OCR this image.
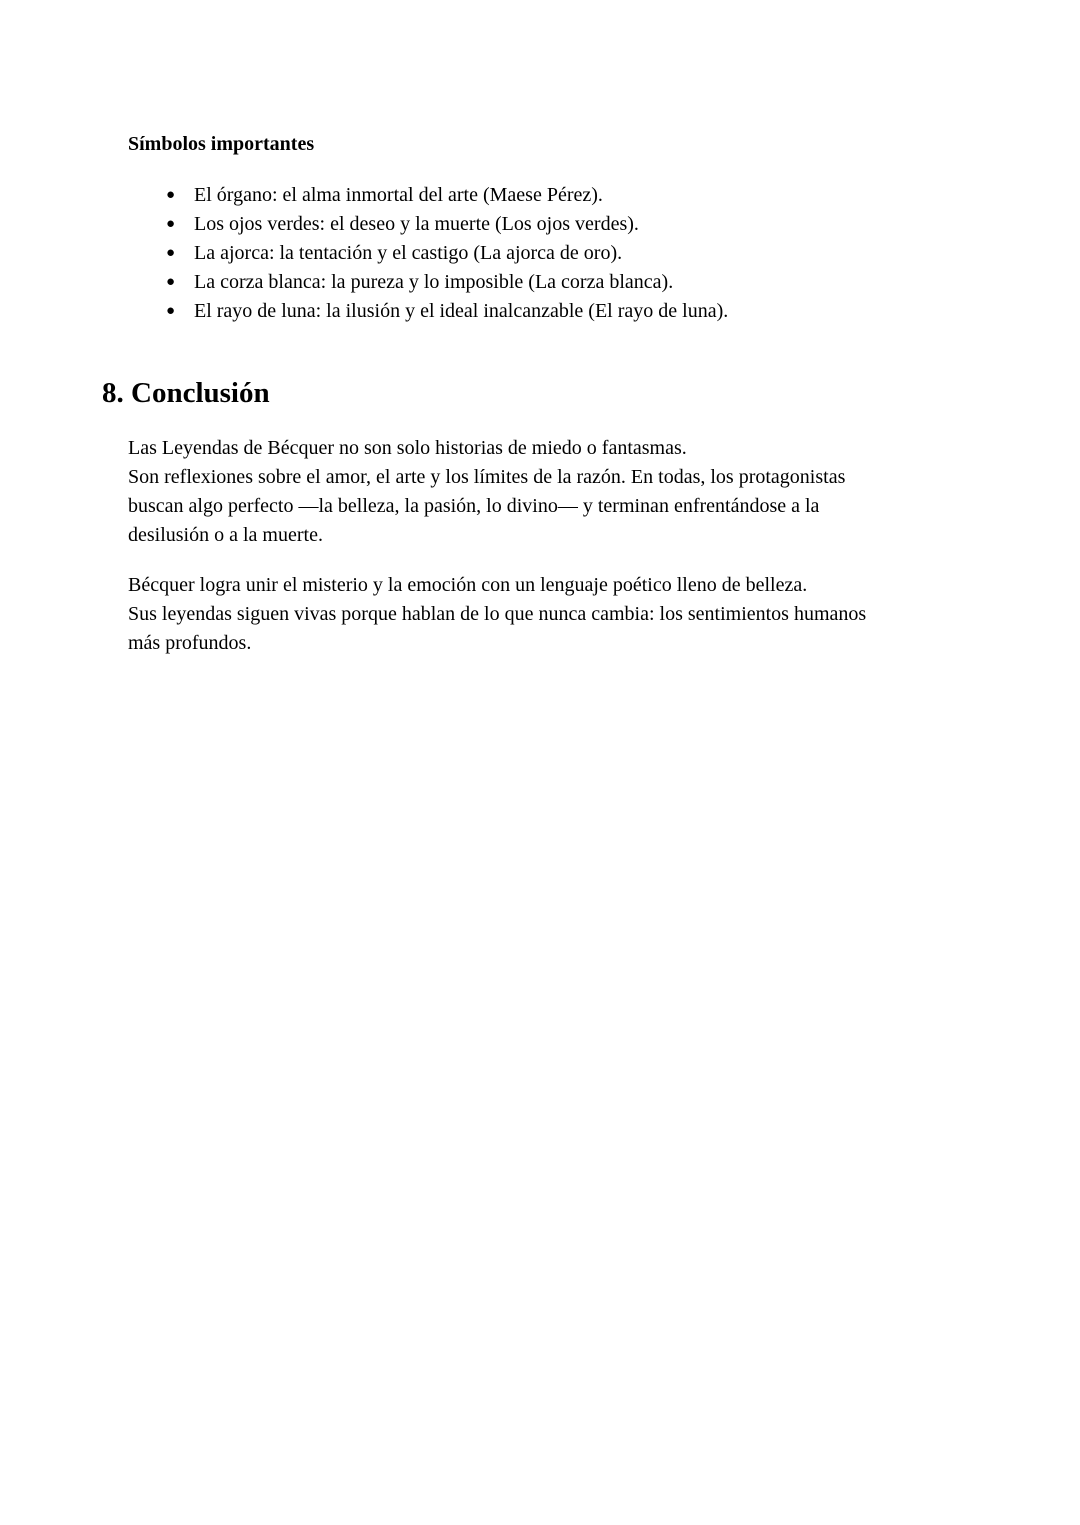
Símbolos importantes
● El órgano: el alma inmortal del arte (Maese Pérez).
● Los ojos verdes: el deseo y la muerte (Los ojos verdes).
● La ajorca: la tentación y el castigo (La ajorca de oro).
● La corza blanca: la pureza y lo imposible (La corza blanca).
● El rayo de luna: la ilusión y el ideal inalcanzable (El rayo de luna).
8. Conclusión

Las Leyendas de Bécquer no son solo historias de miedo o fantasmas.
Son reflexiones sobre el amor, el arte y los límites de la razón. En todas, los protagonistas
buscan algo perfecto —la belleza, la pasión, lo divino— y terminan enfrentándose a la
desilusión o a la muerte.

Bécquer logra unir el misterio y la emoción con un lenguaje poético lleno de belleza.
Sus leyendas siguen vivas porque hablan de lo que nunca cambia: los sentimientos humanos
más profundos.
